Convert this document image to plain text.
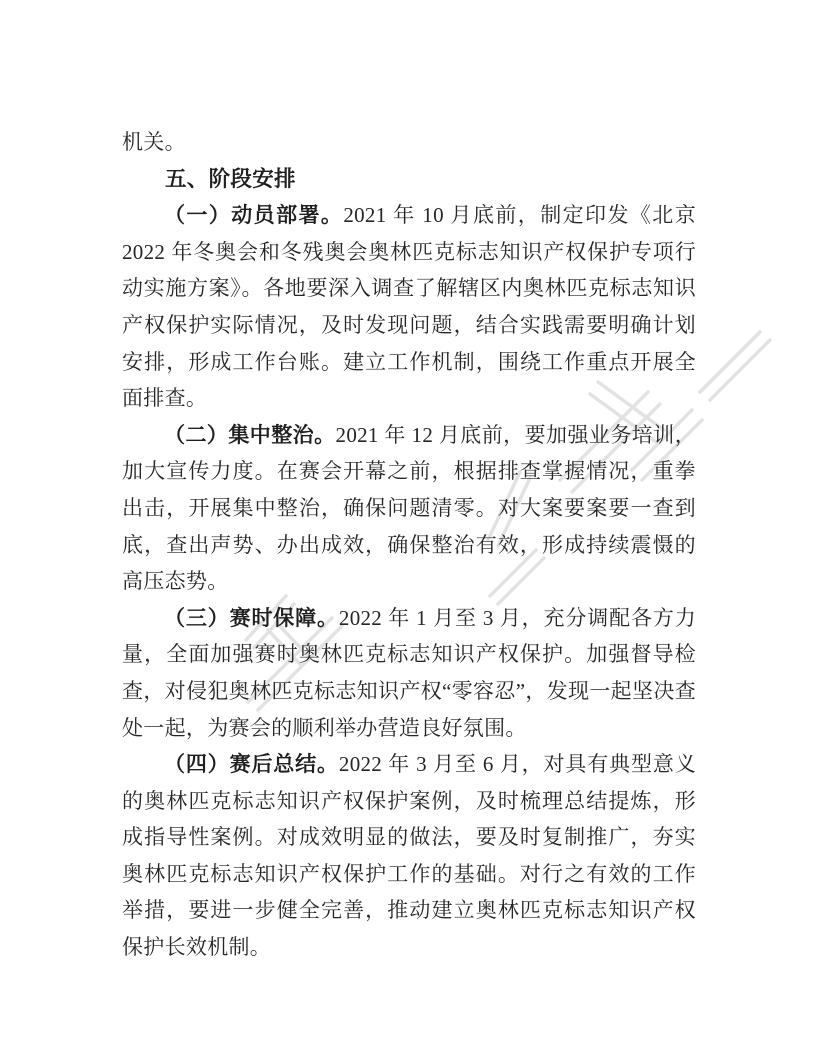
机关。

五、阶段安排

（一）动员部署。2021 年 10 月底前，制定印发《北京 2022 年冬奥会和冬残奥会奥林匹克标志知识产权保护专项行动实施方案》。各地要深入调查了解辖区内奥林匹克标志知识产权保护实际情况，及时发现问题，结合实践需要明确计划安排，形成工作台账。建立工作机制，围绕工作重点开展全面排查。

（二）集中整治。2021 年 12 月底前，要加强业务培训，加大宣传力度。在赛会开幕之前，根据排查掌握情况，重拳出击，开展集中整治，确保问题清零。对大案要案要一查到底，查出声势、办出成效，确保整治有效，形成持续震慑的高压态势。

（三）赛时保障。2022 年 1 月至 3 月，充分调配各方力量，全面加强赛时奥林匹克标志知识产权保护。加强督导检查，对侵犯奥林匹克标志知识产权“零容忍”，发现一起坚决查处一起，为赛会的顺利举办营造良好氛围。

（四）赛后总结。2022 年 3 月至 6 月，对具有典型意义的奥林匹克标志知识产权保护案例，及时梳理总结提炼，形成指导性案例。对成效明显的做法，要及时复制推广，夯实奥林匹克标志知识产权保护工作的基础。对行之有效的工作举措，要进一步健全完善，推动建立奥林匹克标志知识产权保护长效机制。
